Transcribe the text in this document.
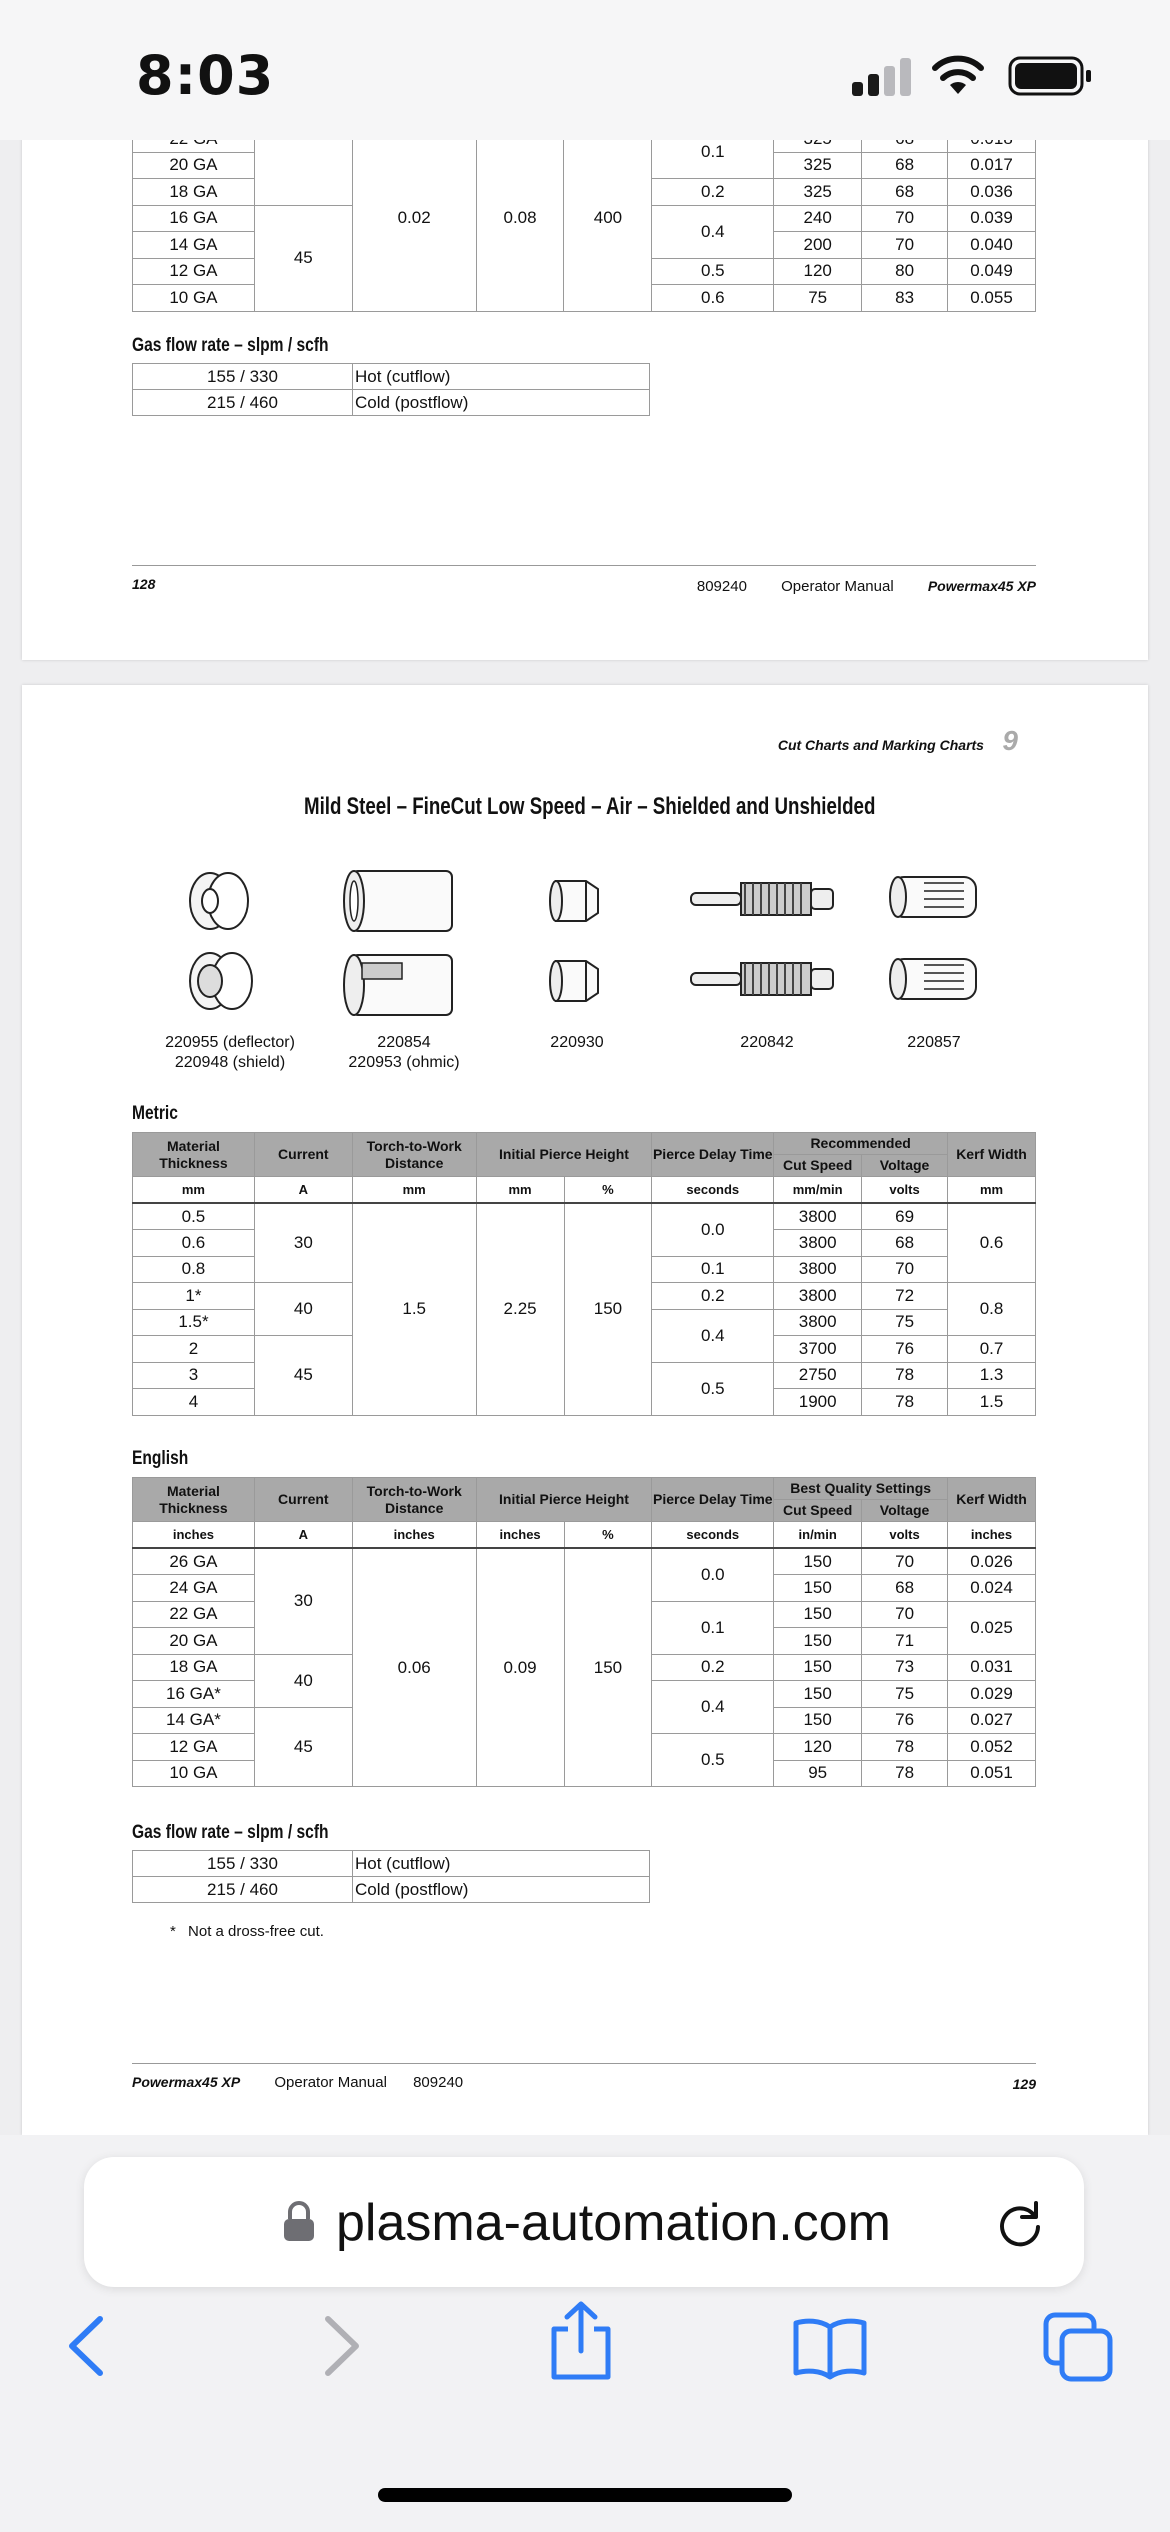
8:03
		0.02	0.08	400	0.1			
20 GA						325	68	0.017
18 GA					0.2	325	68	0.036
16 GA	45				0.4	240	70	0.039
14 GA						200	70	0.040
12 GA					0.5	120	80	0.049
10 GA					0.6	75	83	0.055
Gas flow rate – slpm / scfh
155 / 330	Hot (cutflow)
215 / 460	Cold (postflow)
128	809240 Operator Manual Powermax45 XP
Cut Charts and Marking Charts 9
Mild Steel – FineCut Low Speed – Air – Shielded and Unshielded
220955 (deflector)
220948 (shield)
220854
220953 (ohmic)
220930	220842	220857
Metric
Material Thickness	Current	Torch-to-Work Distance	Initial Pierce Height		Pierce Delay Time	Recommended		Kerf Width
						Cut Speed	Voltage	
mm	A	mm	mm	%	seconds	mm/min	volts	mm
0.5	30	1.5	2.25	150	0.0	3800	69	0.6
0.6						3800	68	
0.8					0.1	3800	70	
1*	40				0.2	3800	72	0.8
1.5*					0.4	3800	75	
2	45					3700	76	0.7
3					0.5	2750	78	1.3
4						1900	78	1.5
English
Material Thickness	Current	Torch-to-Work Distance	Initial Pierce Height		Pierce Delay Time	Best Quality Settings		Kerf Width
						Cut Speed	Voltage	
inches	A	inches	inches	%	seconds	in/min	volts	inches
26 GA	30	0.06	0.09	150	0.0	150	70	0.026
24 GA						150	68	0.024
22 GA					0.1	150	70	0.025
20 GA						150	71	
18 GA	40				0.2	150	73	0.031
16 GA*					0.4	150	75	0.029
14 GA*	45					150	76	0.027
12 GA					0.5	120	78	0.052
10 GA						95	78	0.051
Gas flow rate – slpm / scfh
155 / 330	Hot (cutflow)
215 / 460	Cold (postflow)
* Not a dross-free cut.
Powermax45 XP Operator Manual 809240	129
plasma-automation.com
